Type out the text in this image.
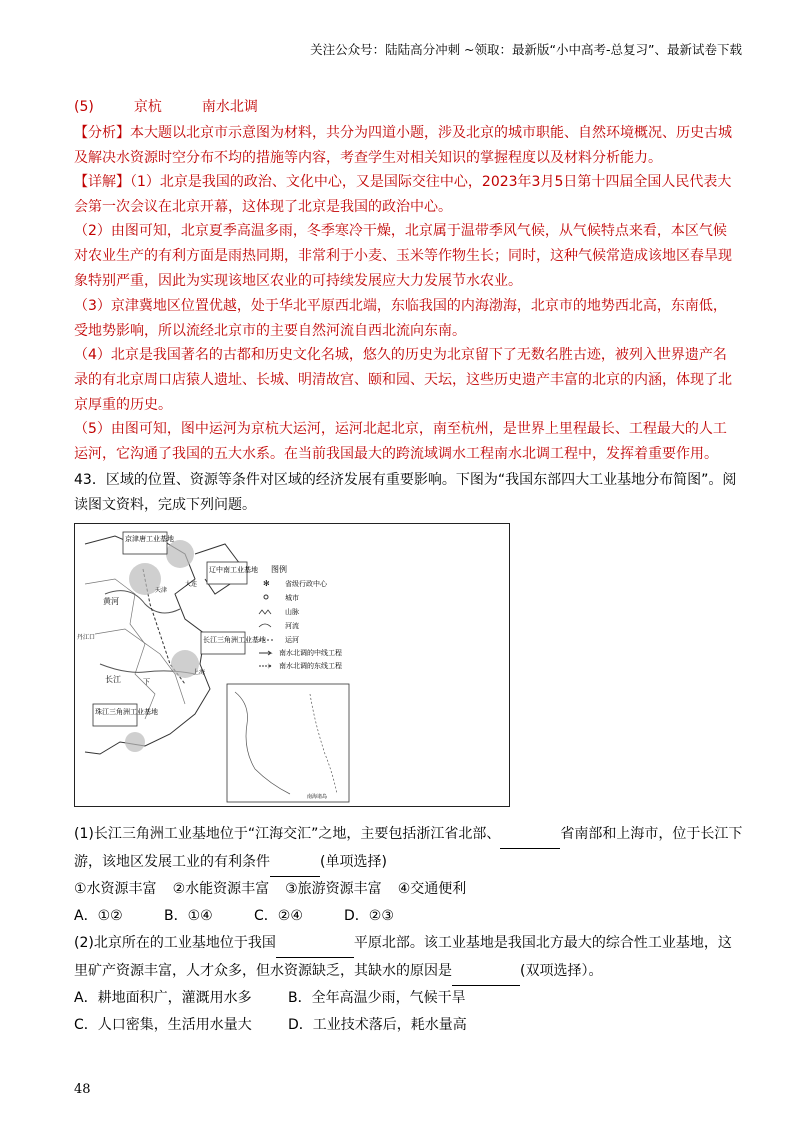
关注公众号：陆陆高分冲刺 ~领取：最新版“小中高考-总复习”、最新试卷下载
(5)	京杭	南水北调
【分析】本大题以北京市示意图为材料，共分为四道小题，涉及北京的城市职能、自然环境概况、历史古城及解决水资源时空分布不均的措施等内容，考查学生对相关知识的掌握程度以及材料分析能力。
【详解】（1）北京是我国的政治、文化中心，又是国际交往中心，2023年3月5日第十四届全国人民代表大会第一次会议在北京开幕，这体现了北京是我国的政治中心。
（2）由图可知，北京夏季高温多雨，冬季寒冷干燥，北京属于温带季风气候，从气候特点来看，本区气候对农业生产的有利方面是雨热同期，非常利于小麦、玉米等作物生长；同时，这种气候常造成该地区春旱现象特别严重，因此为实现该地区农业的可持续发展应大力发展节水农业。
（3）京津冀地区位置优越，处于华北平原西北端，东临我国的内海渤海，北京市的地势西北高，东南低，受地势影响，所以流经北京市的主要自然河流自西北流向东南。
（4）北京是我国著名的古都和历史文化名城，悠久的历史为北京留下了无数名胜古迹，被列入世界遗产名录的有北京周口店猿人遗址、长城、明清故宫、颐和园、天坛，这些历史遗产丰富的北京的内涵，体现了北京厚重的历史。
（5）由图可知，图中运河为京杭大运河，运河北起北京，南至杭州，是世界上里程最长、工程最大的人工运河，它沟通了我国的五大水系。在当前我国最大的跨流域调水工程南水北调工程中，发挥着重要作用。
43．区域的位置、资源等条件对区域的经济发展有重要影响。下图为“我国东部四大工业基地分布简图”。阅读图文资料，完成下列问题。
京津唐工业基地
辽中南工业基地
长江三角洲工业基地
珠江三角洲工业基地
黄河
长江
大连
天津
上海
丹江口
下
图例
✻ 省级行政中心
城市
山脉
河流
运河
南水北调的中线工程
南水北调的东线工程
南海诸岛
(1)长江三角洲工业基地位于“江海交汇”之地，主要包括浙江省北部、	省南部和上海市，位于长江下游，该地区发展工业的有利条件	(单项选择)
①水资源丰富 ②水能资源丰富 ③旅游资源丰富 ④交通便利
A．①②	B．①④	C．②④	D．②③
(2)北京所在的工业基地位于我国	平原北部。该工业基地是我国北方最大的综合性工业基地，这里矿产资源丰富，人才众多，但水资源缺乏，其缺水的原因是	(双项选择）。
A．耕地面积广，灌溉用水多	B．全年高温少雨，气候干旱
C．人口密集，生活用水量大	D．工业技术落后，耗水量高
48
